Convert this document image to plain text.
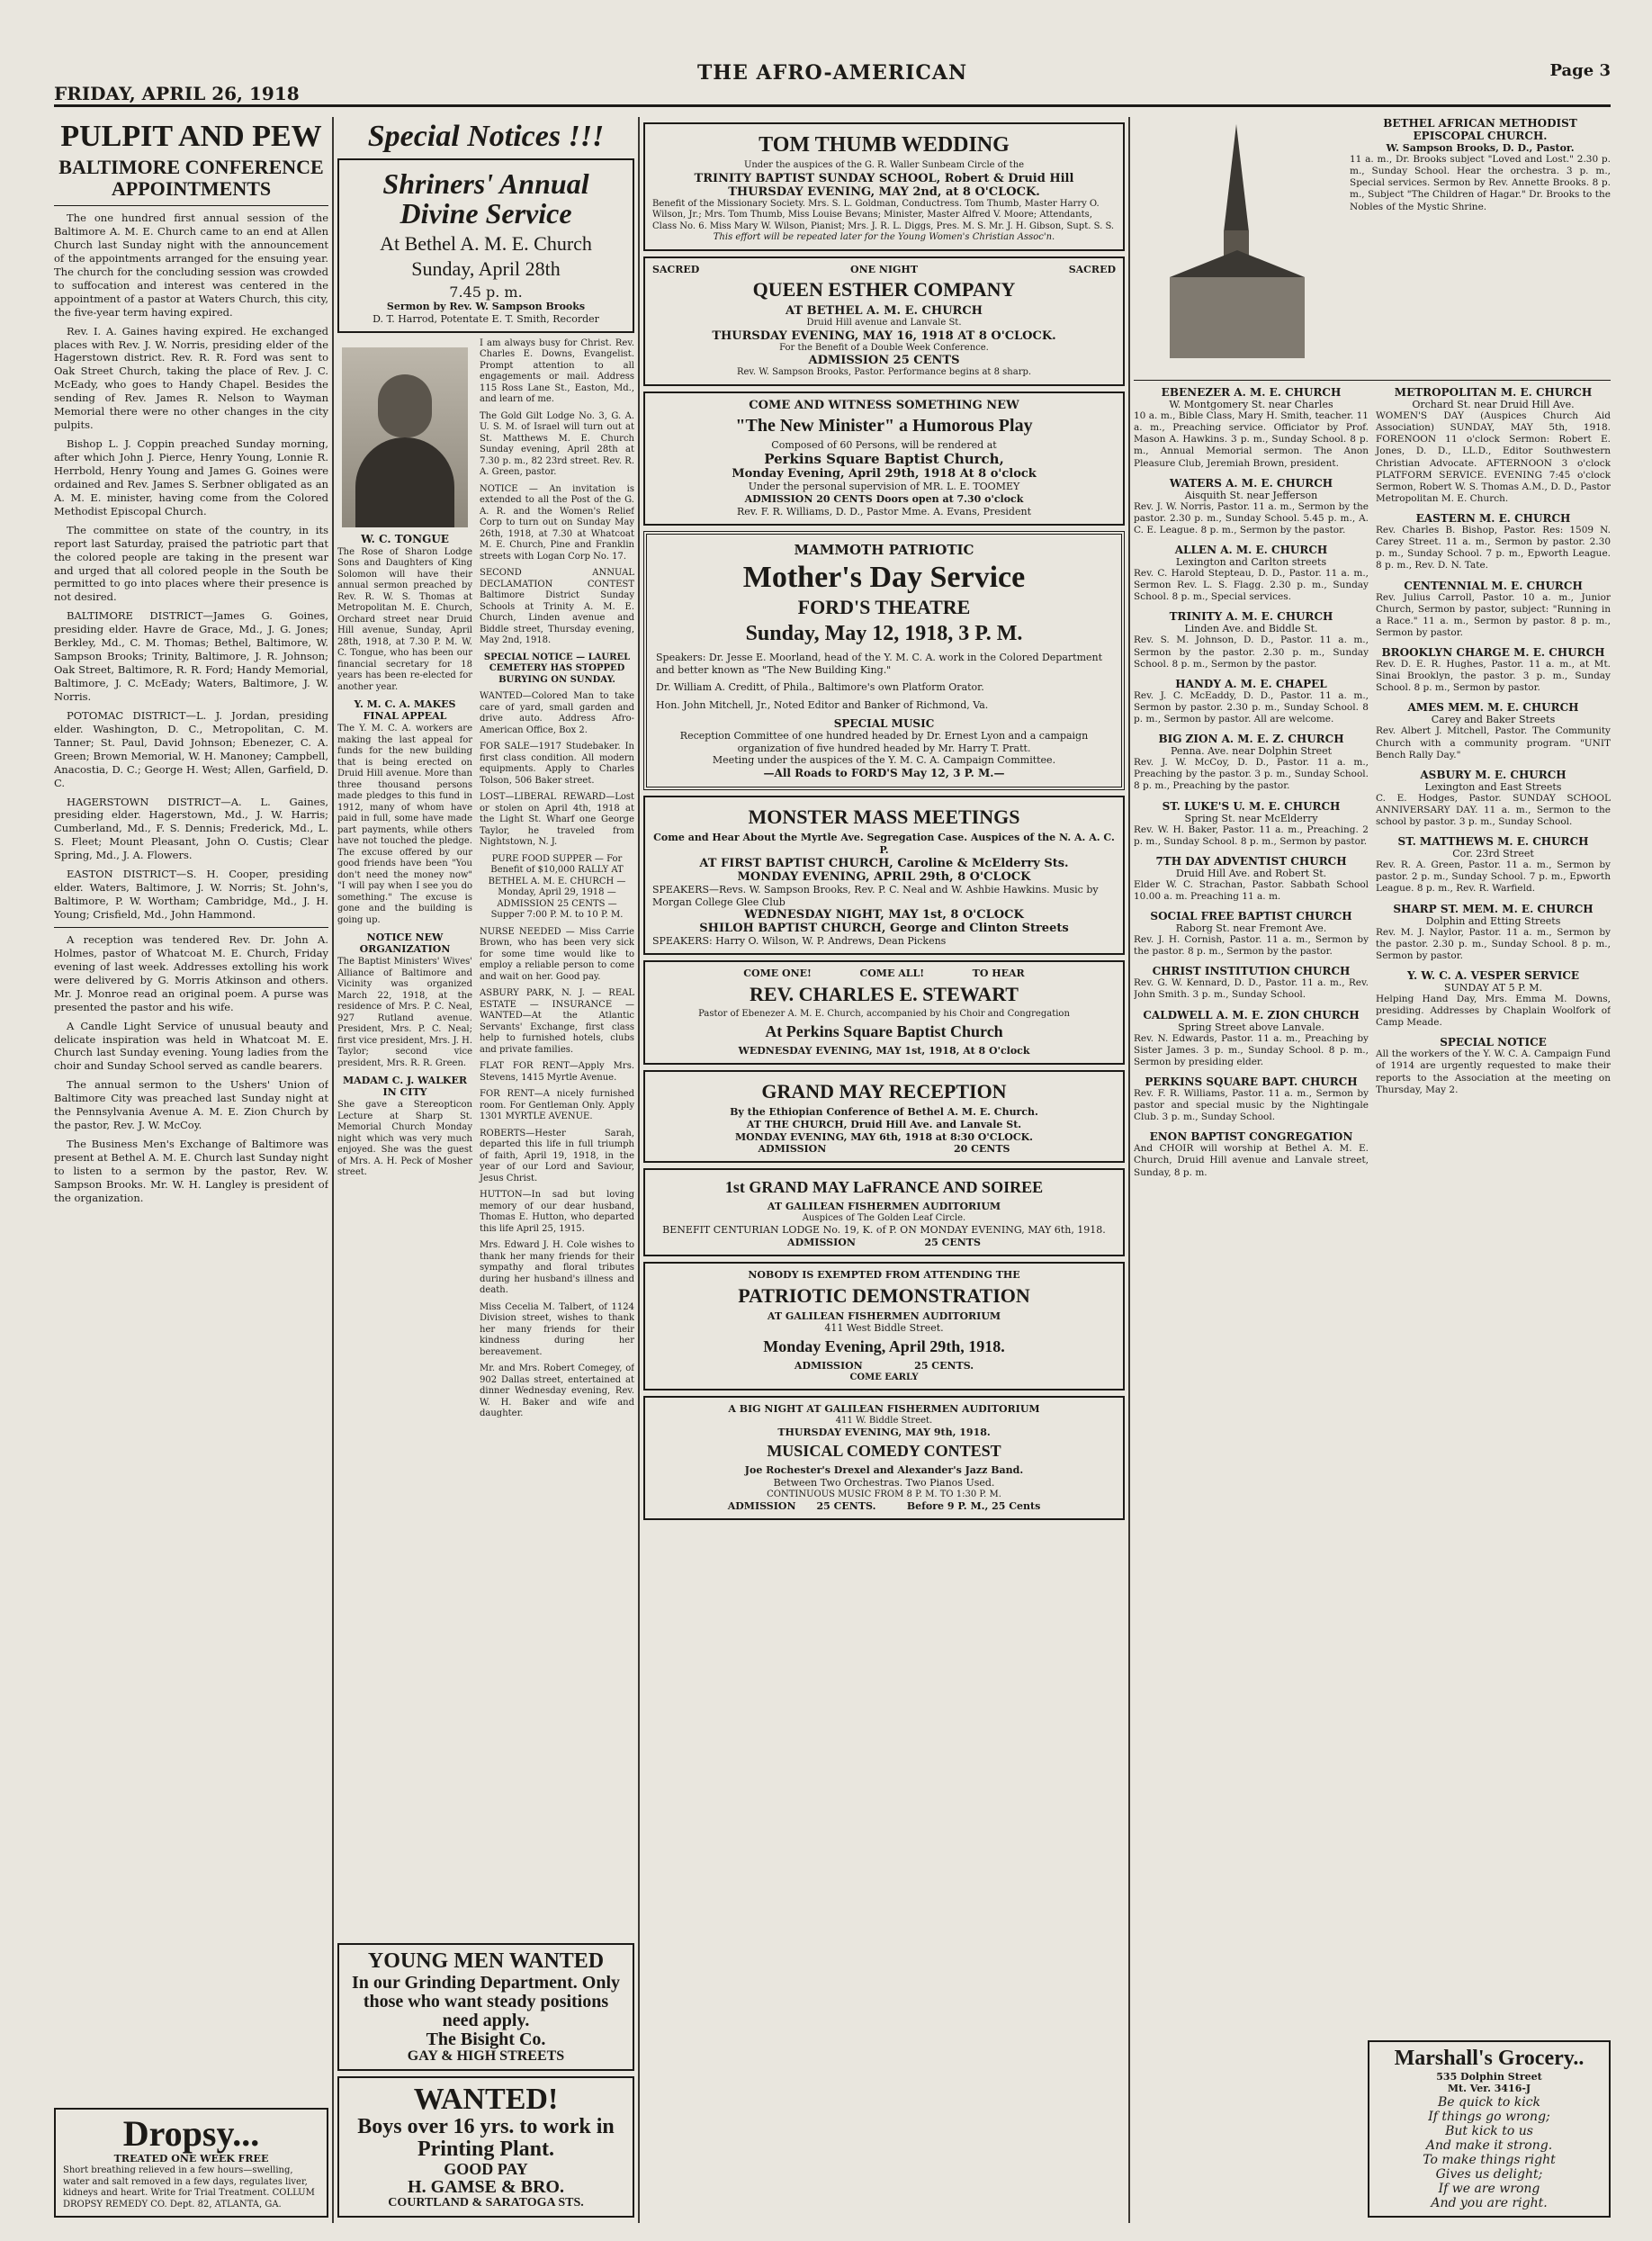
THE AFRO-AMERICAN
FRIDAY, APRIL 26, 1918
Page 3
PULPIT AND PEW
BALTIMORE CONFERENCE APPOINTMENTS

The one hundred first annual session of the Baltimore A. M. E. Church came to an end at Allen Church last Sunday night with the announcement of the appointments arranged for the ensuing year. The church for the concluding session was crowded to suffocation and interest was centered in the appointment of a pastor at Waters Church, this city, the five-year term having expired.

Rev. I. A. Gaines having expired. He exchanged places with Rev. J. W. Norris, presiding elder of the Hagerstown district. Rev. R. R. Ford was sent to Oak Street Church, taking the place of Rev. J. C. McEady, who goes to Handy Chapel. Besides the sending of Rev. James R. Nelson to Wayman Memorial there were no other changes in the city pulpits.

Bishop L. J. Coppin preached Sunday morning, after which John J. Pierce, Henry Young, Lonnie R. Herrbold, Henry Young and James G. Goines were ordained and Rev. James S. Serbner obligated as an A. M. E. minister, having come from the Colored Methodist Episcopal Church.

The committee on state of the country, in its report last Saturday, praised the patriotic part that the colored people are taking in the present war and urged that all colored people in the South be permitted to go into places where their presence is not desired.

BALTIMORE DISTRICT—James G. Goines, presiding elder. Havre de Grace, Md., J. G. Jones; Berkley, Md., C. M. Thomas; Bethel, Baltimore, W. Sampson Brooks; Trinity, Baltimore, J. R. Johnson; Oak Street, Baltimore, R. R. Ford; Handy Memorial, Baltimore, J. C. McEady; Waters, Baltimore, J. W. Norris.

POTOMAC DISTRICT—L. J. Jordan, presiding elder. Washington, D. C., Metropolitan, C. M. Tanner; St. Paul, David Johnson; Ebenezer, C. A. Green; Brown Memorial, W. H. Manoney; Campbell, Anacostia, D. C.; George H. West; Allen, Garfield, D. C.

HAGERSTOWN DISTRICT—A. L. Gaines, presiding elder. Hagerstown, Md., J. W. Harris; Cumberland, Md., F. S. Dennis; Frederick, Md., L. S. Fleet; Mount Pleasant, John O. Custis; Clear Spring, Md., J. A. Flowers.

EASTON DISTRICT—S. H. Cooper, presiding elder. Waters, Baltimore, J. W. Norris; St. John's, Baltimore, P. W. Wortham; Cambridge, Md., J. H. Young; Crisfield, Md., John Hammond.

A reception was tendered Rev. Dr. John A. Holmes, pastor of Whatcoat M. E. Church, Friday evening of last week. Addresses extolling his work were delivered by G. Morris Atkinson and others. Mr. J. Monroe read an original poem. A purse was presented the pastor and his wife.

A Candle Light Service of unusual beauty and delicate inspiration was held in Whatcoat M. E. Church last Sunday evening. Young ladies from the choir and Sunday School served as candle bearers.

The annual sermon to the Ushers' Union of Baltimore City was preached last Sunday night at the Pennsylvania Avenue A. M. E. Zion Church by the pastor, Rev. J. W. McCoy.

The Business Men's Exchange of Baltimore was present at Bethel A. M. E. Church last Sunday night to listen to a sermon by the pastor, Rev. W. Sampson Brooks. Mr. W. H. Langley is president of the organization.

Dropsy...
TREATED ONE WEEK FREE
Short breathing relieved in a few hours—swelling, water and salt removed in a few days, regulates liver, kidneys and heart. Write for Trial Treatment. COLLUM DROPSY REMEDY CO. Dept. 82, ATLANTA, GA.
Special Notices !!!
Shriners' Annual Divine Service
At Bethel A. M. E. Church
Sunday, April 28th
7.45 p. m.
Sermon by Rev. W. Sampson Brooks
D. T. Harrod, Potentate E. T. Smith, Recorder
W. C. TONGUE
The Rose of Sharon Lodge Sons and Daughters of King Solomon will have their annual sermon preached by Rev. R. W. S. Thomas at Metropolitan M. E. Church, Orchard street near Druid Hill avenue, Sunday, April 28th, 1918, at 7.30 P. M. W. C. Tongue, who has been our financial secretary for 18 years has been re-elected for another year.
Y. M. C. A. MAKES FINAL APPEAL
The Y. M. C. A. workers are making the last appeal for funds for the new building that is being erected on Druid Hill avenue. More than three thousand persons made pledges to this fund in 1912, many of whom have paid in full, some have made part payments, while others have not touched the pledge. The excuse offered by our good friends have been "You don't need the money now" "I will pay when I see you do something." The excuse is gone and the building is going up.
NOTICE NEW ORGANIZATION
The Baptist Ministers' Wives' Alliance of Baltimore and Vicinity was organized March 22, 1918, at the residence of Mrs. P. C. Neal, 927 Rutland avenue. President, Mrs. P. C. Neal; first vice president, Mrs. J. H. Taylor; second vice president, Mrs. R. R. Green.
MADAM C. J. WALKER IN CITY
She gave a Stereopticon Lecture at Sharp St. Memorial Church Monday night which was very much enjoyed. She was the guest of Mrs. A. H. Peck of Mosher street.
I am always busy for Christ. Rev. Charles E. Downs, Evangelist. Prompt attention to all engagements or mail. Address 115 Ross Lane St., Easton, Md., and learn of me.
The Gold Gilt Lodge No. 3, G. A. U. S. M. of Israel will turn out at St. Matthews M. E. Church Sunday evening, April 28th at 7.30 p. m., 82 23rd street. Rev. R. A. Green, pastor.
NOTICE — An invitation is extended to all the Post of the G. A. R. and the Women's Relief Corp to turn out on Sunday May 26th, 1918, at 7.30 at Whatcoat M. E. Church, Pine and Franklin streets with Logan Corp No. 17.
SECOND ANNUAL DECLAMATION CONTEST Baltimore District Sunday Schools at Trinity A. M. E. Church, Linden avenue and Biddle street, Thursday evening, May 2nd, 1918.
SPECIAL NOTICE — LAUREL CEMETERY HAS STOPPED BURYING ON SUNDAY.
WANTED—Colored Man to take care of yard, small garden and drive auto. Address Afro-American Office, Box 2.
FOR SALE—1917 Studebaker. In first class condition. All modern equipments. Apply to Charles Tolson, 506 Baker street.
LOST—LIBERAL REWARD—Lost or stolen on April 4th, 1918 at the Light St. Wharf one George Taylor, he traveled from Nightstown, N. J.
PURE FOOD SUPPER — For Benefit of $10,000 RALLY AT BETHEL A. M. E. CHURCH — Monday, April 29, 1918 — ADMISSION 25 CENTS — Supper 7:00 P. M. to 10 P. M.
NURSE NEEDED — Miss Carrie Brown, who has been very sick for some time would like to employ a reliable person to come and wait on her. Good pay.
ASBURY PARK, N. J. — REAL ESTATE — INSURANCE — WANTED—At the Atlantic Servants' Exchange, first class help to furnished hotels, clubs and private families.
FLAT FOR RENT—Apply Mrs. Stevens, 1415 Myrtle Avenue.
FOR RENT—A nicely furnished room. For Gentleman Only. Apply 1301 MYRTLE AVENUE.
ROBERTS—Hester Sarah, departed this life in full triumph of faith, April 19, 1918, in the year of our Lord and Saviour, Jesus Christ.
HUTTON—In sad but loving memory of our dear husband, Thomas E. Hutton, who departed this life April 25, 1915.
Mrs. Edward J. H. Cole wishes to thank her many friends for their sympathy and floral tributes during her husband's illness and death.
Miss Cecelia M. Talbert, of 1124 Division street, wishes to thank her many friends for their kindness during her bereavement.
Mr. and Mrs. Robert Comegey, of 902 Dallas street, entertained at dinner Wednesday evening, Rev. W. H. Baker and wife and daughter.
YOUNG MEN WANTED
In our Grinding Department. Only those who want steady positions need apply.
The Bisight Co.
GAY & HIGH STREETS
WANTED!
Boys over 16 yrs. to work in Printing Plant.
GOOD PAY
H. GAMSE & BRO.
COURTLAND & SARATOGA STS.
TOM THUMB WEDDING
Under the auspices of the G. R. Waller Sunbeam Circle of the
TRINITY BAPTIST SUNDAY SCHOOL, Robert & Druid Hill
THURSDAY EVENING, MAY 2nd, at 8 O'CLOCK.
Benefit of the Missionary Society. Mrs. S. L. Goldman, Conductress. Tom Thumb, Master Harry O. Wilson, Jr.; Mrs. Tom Thumb, Miss Louise Bevans; Minister, Master Alfred V. Moore; Attendants, Class No. 6. Miss Mary W. Wilson, Pianist; Mrs. J. R. L. Diggs, Pres. M. S. Mr. J. H. Gibson, Supt. S. S.
This effort will be repeated later for the Young Women's Christian Assoc'n.
SACRED	ONE NIGHT	SACRED
QUEEN ESTHER COMPANY
AT BETHEL A. M. E. CHURCH
Druid Hill avenue and Lanvale St.
THURSDAY EVENING, MAY 16, 1918 AT 8 O'CLOCK.
For the Benefit of a Double Week Conference.
ADMISSION 25 CENTS
Rev. W. Sampson Brooks, Pastor. Performance begins at 8 sharp.
COME AND WITNESS SOMETHING NEW
"The New Minister" a Humorous Play
Composed of 60 Persons, will be rendered at
Perkins Square Baptist Church,
Monday Evening, April 29th, 1918 At 8 o'clock
Under the personal supervision of MR. L. E. TOOMEY
ADMISSION 20 CENTS Doors open at 7.30 o'clock
Rev. F. R. Williams, D. D., Pastor Mme. A. Evans, President
MAMMOTH PATRIOTIC
Mother's Day Service
FORD'S THEATRE
Sunday, May 12, 1918, 3 P. M.
Speakers: Dr. Jesse E. Moorland, head of the Y. M. C. A. work in the Colored Department and better known as "The New Building King."
Dr. William A. Creditt, of Phila., Baltimore's own Platform Orator.
Hon. John Mitchell, Jr., Noted Editor and Banker of Richmond, Va.
SPECIAL MUSIC
Reception Committee of one hundred headed by Dr. Ernest Lyon and a campaign organization of five hundred headed by Mr. Harry T. Pratt.
Meeting under the auspices of the Y. M. C. A. Campaign Committee.
—All Roads to FORD'S May 12, 3 P. M.—
MONSTER MASS MEETINGS
Come and Hear About the Myrtle Ave. Segregation Case. Auspices of the N. A. A. C. P.
AT FIRST BAPTIST CHURCH, Caroline & McElderry Sts.
MONDAY EVENING, APRIL 29th, 8 O'CLOCK
SPEAKERS—Revs. W. Sampson Brooks, Rev. P. C. Neal and W. Ashbie Hawkins. Music by Morgan College Glee Club
WEDNESDAY NIGHT, MAY 1st, 8 O'CLOCK
SHILOH BAPTIST CHURCH, George and Clinton Streets
SPEAKERS: Harry O. Wilson, W. P. Andrews, Dean Pickens
COME ONE!              COME ALL!              TO HEAR
REV. CHARLES E. STEWART
Pastor of Ebenezer A. M. E. Church, accompanied by his Choir and Congregation
At Perkins Square Baptist Church
WEDNESDAY EVENING, MAY 1st, 1918, At 8 O'clock
GRAND MAY RECEPTION
By the Ethiopian Conference of Bethel A. M. E. Church.
AT THE CHURCH, Druid Hill Ave. and Lanvale St.
MONDAY EVENING, MAY 6th, 1918 at 8:30 O'CLOCK.
ADMISSION                                     20 CENTS
1st GRAND MAY LaFRANCE AND SOIREE
AT GALILEAN FISHERMEN AUDITORIUM
Auspices of The Golden Leaf Circle.
BENEFIT CENTURIAN LODGE No. 19, K. of P. ON MONDAY EVENING, MAY 6th, 1918.
ADMISSION                    25 CENTS
NOBODY IS EXEMPTED FROM ATTENDING THE
PATRIOTIC DEMONSTRATION
AT GALILEAN FISHERMEN AUDITORIUM
411 West Biddle Street.
Monday Evening, April 29th, 1918.
ADMISSION               25 CENTS.
COME EARLY
A BIG NIGHT AT GALILEAN FISHERMEN AUDITORIUM
411 W. Biddle Street.
THURSDAY EVENING, MAY 9th, 1918.
MUSICAL COMEDY CONTEST
Joe Rochester's Drexel and Alexander's Jazz Band.
Between Two Orchestras. Two Pianos Used.
CONTINUOUS MUSIC FROM 8 P. M. TO 1:30 P. M.
ADMISSION      25 CENTS.         Before 9 P. M., 25 Cents
BETHEL AFRICAN METHODIST EPISCOPAL CHURCH.
W. Sampson Brooks, D. D., Pastor.
11 a. m., Dr. Brooks subject "Loved and Lost." 2.30 p. m., Sunday School. Hear the orchestra. 3 p. m., Special services. Sermon by Rev. Annette Brooks. 8 p. m., Subject "The Children of Hagar." Dr. Brooks to the Nobles of the Mystic Shrine.
EBENEZER A. M. E. CHURCH
W. Montgomery St. near Charles
10 a. m., Bible Class, Mary H. Smith, teacher. 11 a. m., Preaching service. Officiator by Prof. Mason A. Hawkins. 3 p. m., Sunday School. 8 p. m., Annual Memorial sermon. The Anon Pleasure Club, Jeremiah Brown, president.
WATERS A. M. E. CHURCH
Aisquith St. near Jefferson
Rev. J. W. Norris, Pastor. 11 a. m., Sermon by the pastor. 2.30 p. m., Sunday School. 5.45 p. m., A. C. E. League. 8 p. m., Sermon by the pastor.
ALLEN A. M. E. CHURCH
Lexington and Carlton streets
Rev. C. Harold Stepteau, D. D., Pastor. 11 a. m., Sermon Rev. L. S. Flagg. 2.30 p. m., Sunday School. 8 p. m., Special services.
TRINITY A. M. E. CHURCH
Linden Ave. and Biddle St.
Rev. S. M. Johnson, D. D., Pastor. 11 a. m., Sermon by the pastor. 2.30 p. m., Sunday School. 8 p. m., Sermon by the pastor.
HANDY A. M. E. CHAPEL
Rev. J. C. McEaddy, D. D., Pastor. 11 a. m., Sermon by pastor. 2.30 p. m., Sunday School. 8 p. m., Sermon by pastor. All are welcome.
BIG ZION A. M. E. Z. CHURCH
Penna. Ave. near Dolphin Street
Rev. J. W. McCoy, D. D., Pastor. 11 a. m., Preaching by the pastor. 3 p. m., Sunday School. 8 p. m., Preaching by the pastor.
ST. LUKE'S U. M. E. CHURCH
Spring St. near McElderry
Rev. W. H. Baker, Pastor. 11 a. m., Preaching. 2 p. m., Sunday School. 8 p. m., Sermon by pastor.
7TH DAY ADVENTIST CHURCH
Druid Hill Ave. and Robert St.
Elder W. C. Strachan, Pastor. Sabbath School 10.00 a. m. Preaching 11 a. m.
SOCIAL FREE BAPTIST CHURCH
Raborg St. near Fremont Ave.
Rev. J. H. Cornish, Pastor. 11 a. m., Sermon by the pastor. 8 p. m., Sermon by the pastor.
CHRIST INSTITUTION CHURCH
Rev. G. W. Kennard, D. D., Pastor. 11 a. m., Rev. John Smith. 3 p. m., Sunday School.
CALDWELL A. M. E. ZION CHURCH
Spring Street above Lanvale.
Rev. N. Edwards, Pastor. 11 a. m., Preaching by Sister James. 3 p. m., Sunday School. 8 p. m., Sermon by presiding elder.
PERKINS SQUARE BAPT. CHURCH
Rev. F. R. Williams, Pastor. 11 a. m., Sermon by pastor and special music by the Nightingale Club. 3 p. m., Sunday School.
ENON BAPTIST CONGREGATION
And CHOIR will worship at Bethel A. M. E. Church, Druid Hill avenue and Lanvale street, Sunday, 8 p. m.
METROPOLITAN M. E. CHURCH
Orchard St. near Druid Hill Ave.
WOMEN'S DAY (Auspices Church Aid Association) SUNDAY, MAY 5th, 1918. FORENOON 11 o'clock Sermon: Robert E. Jones, D. D., LL.D., Editor Southwestern Christian Advocate. AFTERNOON 3 o'clock PLATFORM SERVICE. EVENING 7:45 o'clock Sermon, Robert W. S. Thomas A.M., D. D., Pastor Metropolitan M. E. Church.
EASTERN M. E. CHURCH
Rev. Charles B. Bishop, Pastor. Res: 1509 N. Carey Street. 11 a. m., Sermon by pastor. 2.30 p. m., Sunday School. 7 p. m., Epworth League. 8 p. m., Rev. D. N. Tate.
CENTENNIAL M. E. CHURCH
Rev. Julius Carroll, Pastor. 10 a. m., Junior Church, Sermon by pastor, subject: "Running in a Race." 11 a. m., Sermon by pastor. 8 p. m., Sermon by pastor.
BROOKLYN CHARGE M. E. CHURCH
Rev. D. E. R. Hughes, Pastor. 11 a. m., at Mt. Sinai Brooklyn, the pastor. 3 p. m., Sunday School. 8 p. m., Sermon by pastor.
AMES MEM. M. E. CHURCH
Carey and Baker Streets
Rev. Albert J. Mitchell, Pastor. The Community Church with a community program. "UNIT Bench Rally Day."
ASBURY M. E. CHURCH
Lexington and East Streets
C. E. Hodges, Pastor. SUNDAY SCHOOL ANNIVERSARY DAY. 11 a. m., Sermon to the school by pastor. 3 p. m., Sunday School.
ST. MATTHEWS M. E. CHURCH
Cor. 23rd Street
Rev. R. A. Green, Pastor. 11 a. m., Sermon by pastor. 2 p. m., Sunday School. 7 p. m., Epworth League. 8 p. m., Rev. R. Warfield.
SHARP ST. MEM. M. E. CHURCH
Dolphin and Etting Streets
Rev. M. J. Naylor, Pastor. 11 a. m., Sermon by the pastor. 2.30 p. m., Sunday School. 8 p. m., Sermon by pastor.
Y. W. C. A. VESPER SERVICE
SUNDAY AT 5 P. M.
Helping Hand Day, Mrs. Emma M. Downs, presiding. Addresses by Chaplain Woolfork of Camp Meade.
SPECIAL NOTICE
All the workers of the Y. W. C. A. Campaign Fund of 1914 are urgently requested to make their reports to the Association at the meeting on Thursday, May 2.
Marshall's Grocery..
535 Dolphin Street
Mt. Ver. 3416-J
Be quick to kick
If things go wrong;
But kick to us
And make it strong.
To make things right
Gives us delight;
If we are wrong
And you are right.
